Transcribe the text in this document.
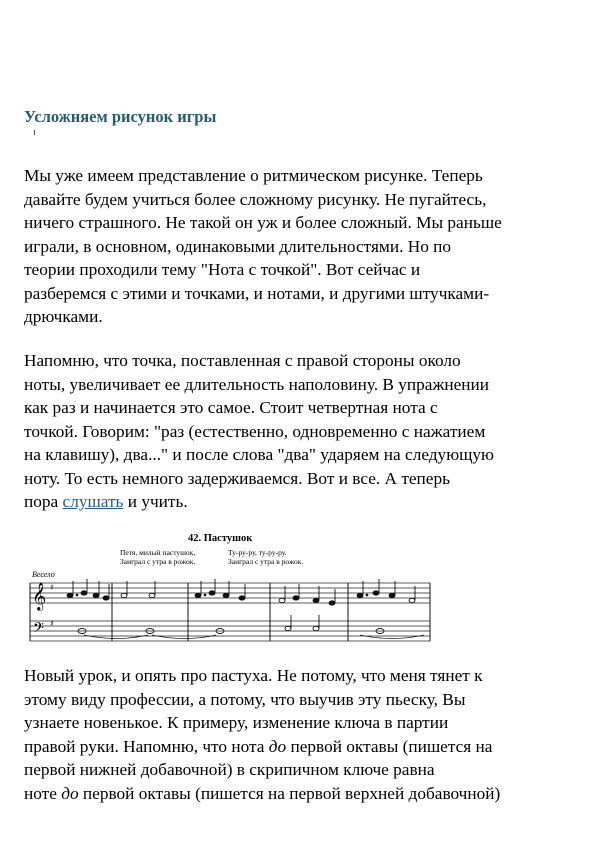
Усложняем рисунок игры
Мы уже имеем представление о ритмическом рисунке. Теперь
давайте будем учиться более сложному рисунку. Не пугайтесь,
ничего страшного. Не такой он уж и более сложный. Мы раньше
играли, в основном, одинаковыми длительностями. Но по
теории проходили тему "Нота с точкой". Вот сейчас и
разберемся с этими и точками, и нотами, и другими штучками-
дрючками.
Напомню, что точка, поставленная с правой стороны около
ноты, увеличивает ее длительность наполовину. В упражнении
как раз и начинается это самое. Стоит четвертная нота с
точкой. Говорим: "раз (естественно, одновременно с нажатием
на клавишу), два..." и после слова "два" ударяем на следующую
ноту. То есть немного задерживаемся. Вот и все. А теперь
пора слушать и учить.
42. Пастушок
Петя, милый пастушок,
Заиграл с утра в рожок.
Ту-ру-ру, ту-ру-ру.
Заиграл с утра в рожок.
Весело
𝄞
𝄢
♯
♯
Новый урок, и опять про пастуха. Не потому, что меня тянет к
этому виду профессии, а потому, что выучив эту пьеску, Вы
узнаете новенькое. К примеру, изменение ключа в партии
правой руки. Напомню, что нота до первой октавы (пишется на
первой нижней добавочной) в скрипичном ключе равна
ноте до первой октавы (пишется на первой верхней добавочной)
